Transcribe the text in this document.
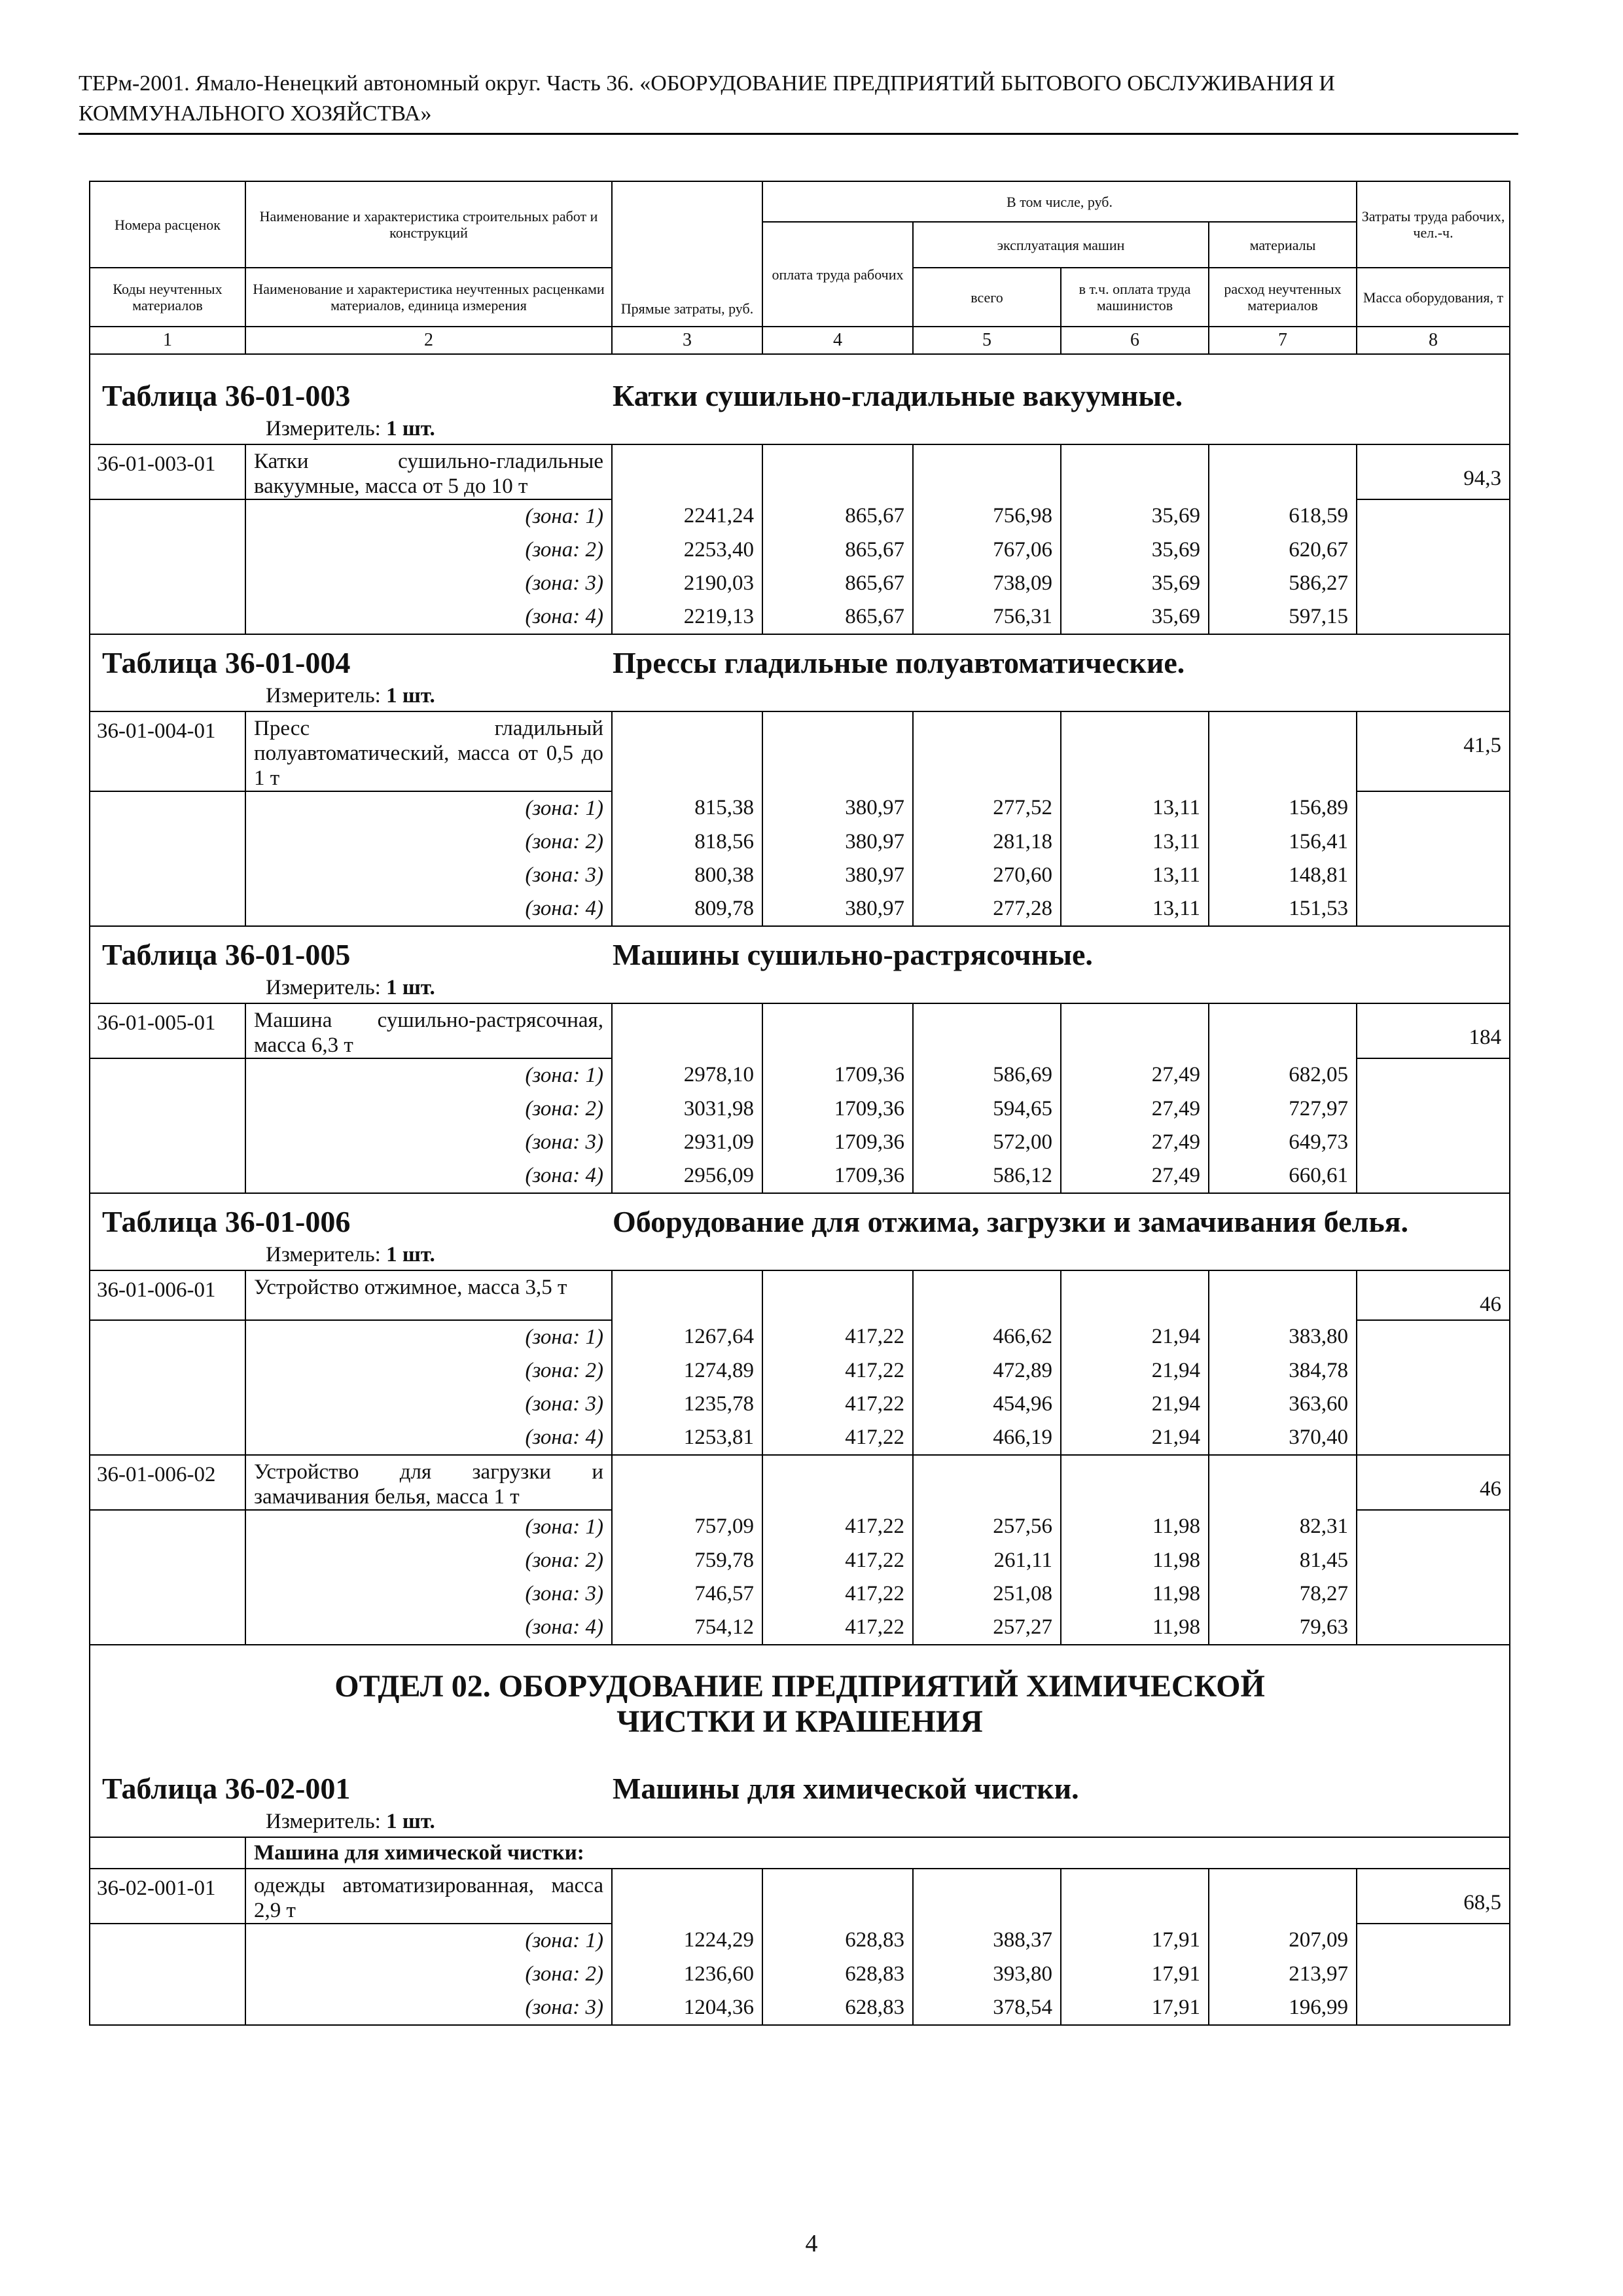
ТЕРм-2001. Ямало-Ненецкий автономный округ. Часть 36. «ОБОРУДОВАНИЕ ПРЕДПРИЯТИЙ БЫТОВОГО ОБСЛУЖИВАНИЯ И КОММУНАЛЬНОГО ХОЗЯЙСТВА»
Номера расценок	Наименование и характеристика строительных работ и конструкций	Прямые затраты, руб.	В том числе, руб.				Затраты труда рабочих, чел.-ч.
			оплата труда рабочих	эксплуатация машин		материалы	
Коды неучтенных материалов	Наименование и характеристика неучтенных расценками материалов, единица измерения			всего	в т.ч. оплата труда машинистов	расход неучтенных материалов	Масса оборудования, т
1	2	3	4	5	6	7	8

Таблица 36-01-003 Катки сушильно-гладильные вакуумные.
Измеритель: 1 шт.							

36-01-003-01	Катки сушильно-гладильные вакуумные, масса от 5 до 10 т						94,3
	(зона: 1)	2241,24	865,67	756,98	35,69	618,59	
	(зона: 2)	2253,40	865,67	767,06	35,69	620,67	
	(зона: 3)	2190,03	865,67	738,09	35,69	586,27	
	(зона: 4)	2219,13	865,67	756,31	35,69	597,15	

Таблица 36-01-004 Прессы гладильные полуавтоматические.
Измеритель: 1 шт.							

36-01-004-01	Пресс гладильный полуавтоматический, масса от 0,5 до 1 т						41,5
	(зона: 1)	815,38	380,97	277,52	13,11	156,89	
	(зона: 2)	818,56	380,97	281,18	13,11	156,41	
	(зона: 3)	800,38	380,97	270,60	13,11	148,81	
	(зона: 4)	809,78	380,97	277,28	13,11	151,53	

Таблица 36-01-005 Машины сушильно-растрясочные.
Измеритель: 1 шт.							

36-01-005-01	Машина сушильно-растрясочная, масса 6,3 т						184
	(зона: 1)	2978,10	1709,36	586,69	27,49	682,05	
	(зона: 2)	3031,98	1709,36	594,65	27,49	727,97	
	(зона: 3)	2931,09	1709,36	572,00	27,49	649,73	
	(зона: 4)	2956,09	1709,36	586,12	27,49	660,61	

Таблица 36-01-006 Оборудование для отжима, загрузки и замачивания белья.
Измеритель: 1 шт.							

36-01-006-01	Устройство отжимное, масса 3,5 т						46
	(зона: 1)	1267,64	417,22	466,62	21,94	383,80	
	(зона: 2)	1274,89	417,22	472,89	21,94	384,78	
	(зона: 3)	1235,78	417,22	454,96	21,94	363,60	
	(зона: 4)	1253,81	417,22	466,19	21,94	370,40	
36-01-006-02	Устройство для загрузки и замачивания белья, масса 1 т						46
	(зона: 1)	757,09	417,22	257,56	11,98	82,31	
	(зона: 2)	759,78	417,22	261,11	11,98	81,45	
	(зона: 3)	746,57	417,22	251,08	11,98	78,27	
	(зона: 4)	754,12	417,22	257,27	11,98	79,63	

ОТДЕЛ 02. ОБОРУДОВАНИЕ ПРЕДПРИЯТИЙ ХИМИЧЕСКОЙ ЧИСТКИ И КРАШЕНИЯ
Таблица 36-02-001 Машины для химической чистки.
Измеритель: 1 шт.							

	Машина для химической чистки:						
36-02-001-01	одежды автоматизированная, масса 2,9 т						68,5
	(зона: 1)	1224,29	628,83	388,37	17,91	207,09	
	(зона: 2)	1236,60	628,83	393,80	17,91	213,97	
	(зона: 3)	1204,36	628,83	378,54	17,91	196,99	
4
